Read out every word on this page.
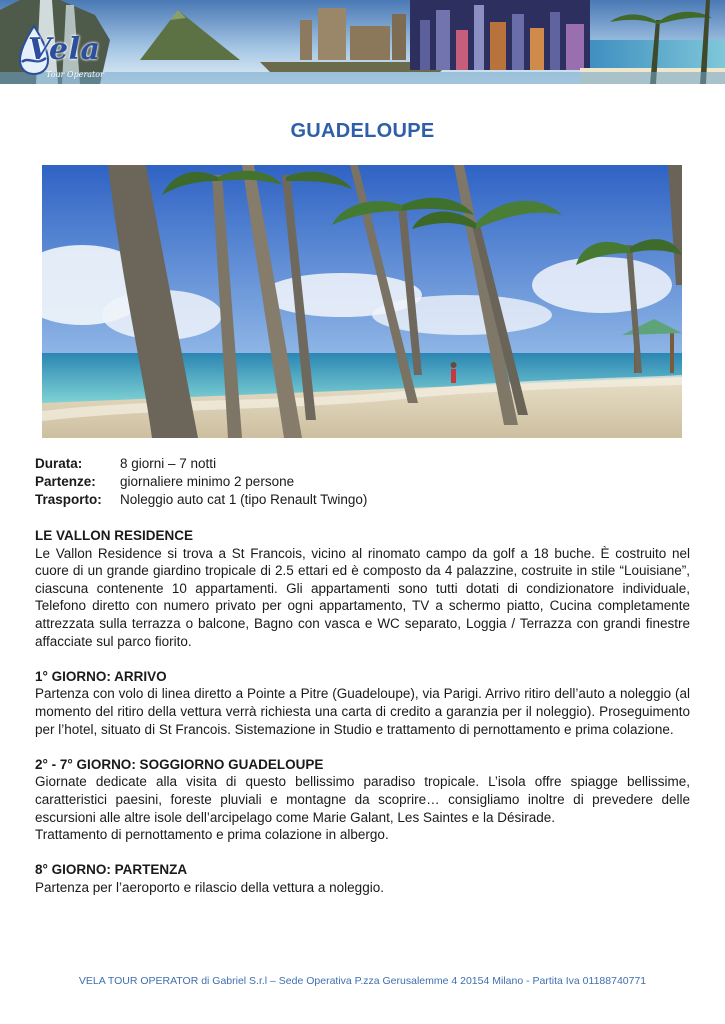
Vela
Tour Operator
GUADELOUPE
Durata:	8 giorni – 7 notti
Partenze:	giornaliere minimo 2 persone
Trasporto:	Noleggio auto cat 1 (tipo Renault Twingo)
LE VALLON RESIDENCE

Le Vallon Residence si trova a St Francois, vicino al rinomato campo da golf a 18 buche. È costruito nel cuore di un grande giardino tropicale di 2.5 ettari ed è composto da 4 palazzine, costruite in stile “Louisiane”, ciascuna contenente 10 appartamenti. Gli appartamenti sono tutti dotati di condizionatore individuale, Telefono diretto con numero privato per ogni appartamento, TV a schermo piatto, Cucina completamente attrezzata sulla terrazza o balcone, Bagno con vasca e WC separato, Loggia / Terrazza con grandi finestre affacciate sul parco fiorito.

1° GIORNO: ARRIVO

Partenza con volo di linea diretto a Pointe a Pitre (Guadeloupe), via Parigi. Arrivo ritiro dell’auto a noleggio (al momento del ritiro della vettura verrà richiesta una carta di credito a garanzia per il noleggio). Proseguimento per l’hotel, situato di St Francois. Sistemazione in Studio e trattamento di pernottamento e prima colazione.

2° - 7° GIORNO: SOGGIORNO GUADELOUPE

Giornate dedicate alla visita di questo bellissimo paradiso tropicale. L’isola offre spiagge bellissime, caratteristici paesini, foreste pluviali e montagne da scoprire… consigliamo inoltre di prevedere delle escursioni alle altre isole dell’arcipelago come Marie Galant, Les Saintes e la Désirade.

Trattamento di pernottamento e prima colazione in albergo.

8° GIORNO: PARTENZA

Partenza per l’aeroporto e rilascio della vettura a noleggio.

VELA TOUR OPERATOR di Gabriel S.r.l – Sede Operativa P.zza Gerusalemme 4 20154 Milano - Partita Iva 01188740771
